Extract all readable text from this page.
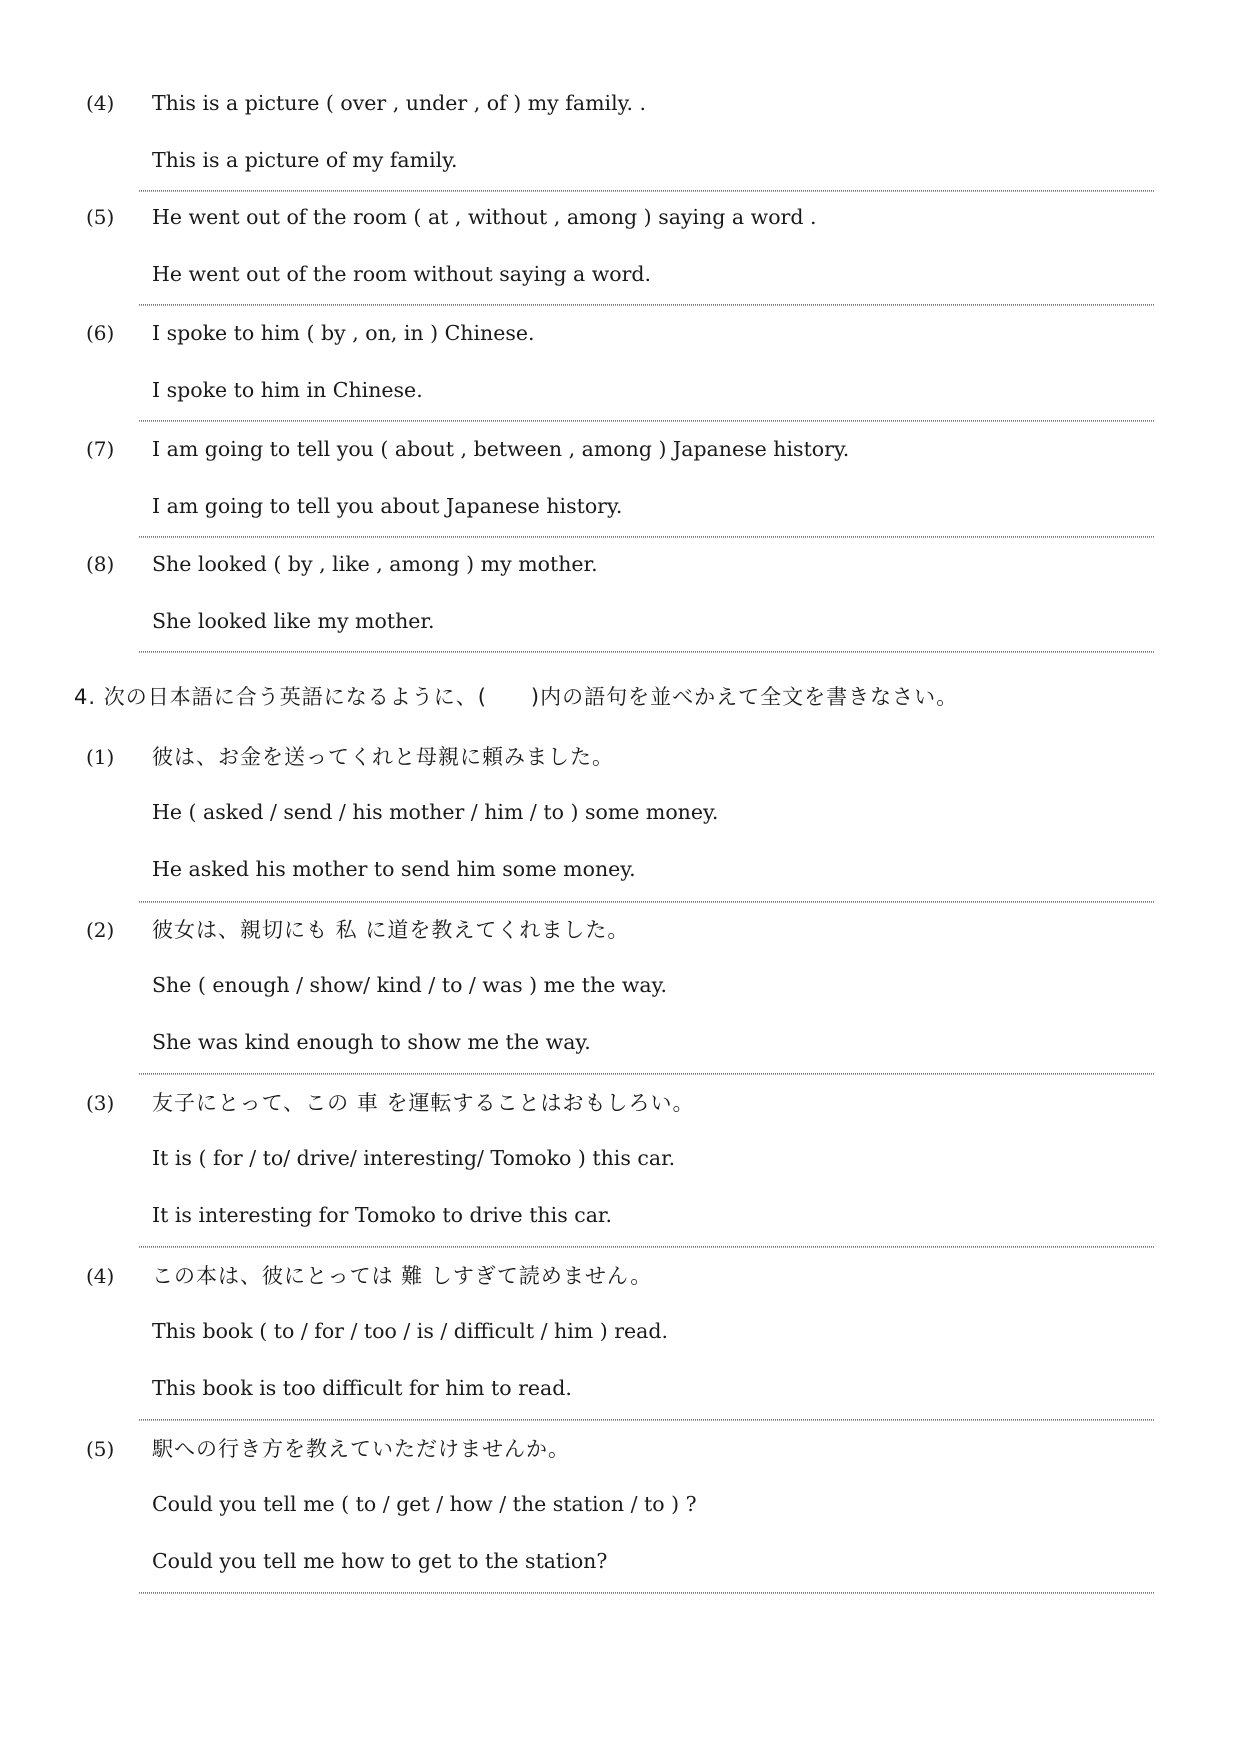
(4) This is a picture ( over , under , of ) my family. .
This is a picture of my family.
(5) He went out of the room ( at , without , among ) saying a word .
He went out of the room without saying a word.
(6) I spoke to him ( by , on, in ) Chinese.
I spoke to him in Chinese.
(7) I am going to tell you ( about , between , among ) Japanese history.
I am going to tell you about Japanese history.
(8) She looked ( by , like , among ) my mother.
She looked like my mother.
4. 次の日本語に合う英語になるように、(　　)内の語句を並べかえて全文を書きなさい。
(1) 彼は、お金を送ってくれと母親に頼みました。
He ( asked / send / his mother / him / to ) some money.
He asked his mother to send him some money.
(2) 彼女は、親切にも 私 に道を教えてくれました。
She ( enough / show/ kind / to / was ) me the way.
She was kind enough to show me the way.
(3) 友子にとって、この 車 を運転することはおもしろい。
It is ( for / to/ drive/ interesting/ Tomoko ) this car.
It is interesting for Tomoko to drive this car.
(4) この本は、彼にとっては 難 しすぎて読めません。
This book ( to / for / too / is / difficult / him ) read.
This book is too difficult for him to read.
(5) 駅への行き方を教えていただけませんか。
Could you tell me ( to / get / how / the station / to ) ?
Could you tell me how to get to the station?
